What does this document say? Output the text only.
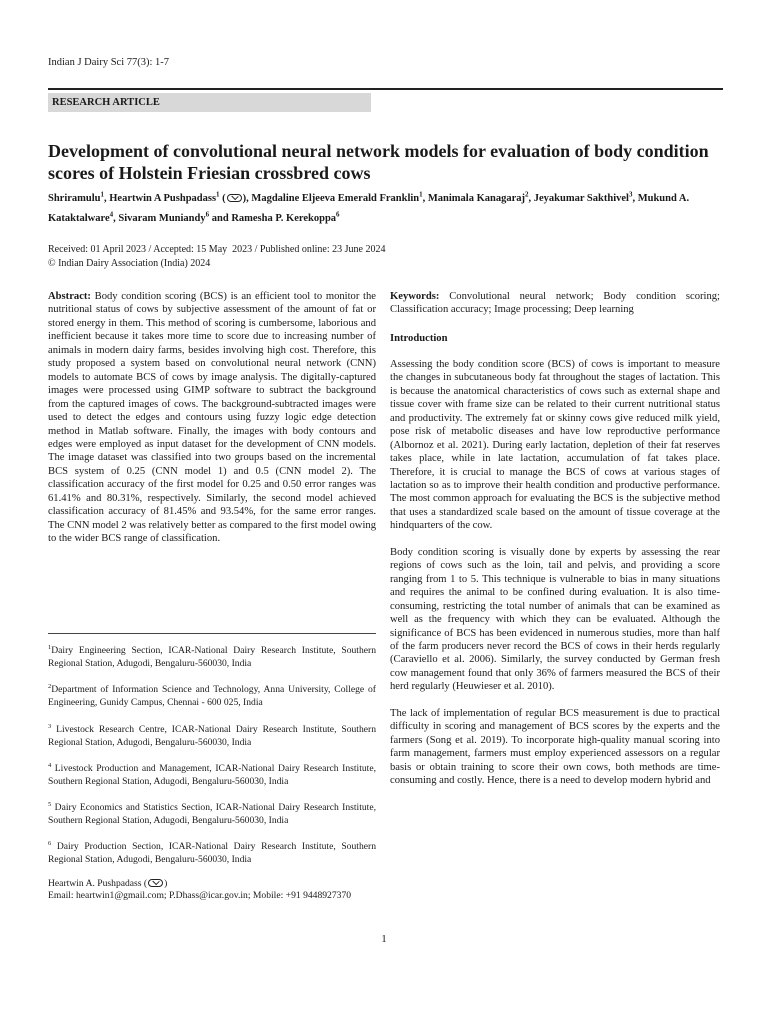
Indian J Dairy Sci 77(3): 1-7
RESEARCH ARTICLE
Development of convolutional neural network models for evaluation of body condition scores of Holstein Friesian crossbred cows
Shriramulu$^1$, Heartwin A Pushpadass$^1$ ( ), Magdaline Eljeeva Emerald Franklin$^1$, Manimala Kanagaraj$^2$, Jeyakumar Sakthivel$^3$, Mukund A. Kataktalware$^4$, Sivaram Muniandy$^6$ and Ramesha P. Kerekoppa$^6$
Received: 01 April 2023 / Accepted: 15 May  2023 / Published online: 23 June 2024
© Indian Dairy Association (India) 2024

Abstract: Body condition scoring (BCS) is an efficient tool to monitor the nutritional status of cows by subjective assessment of the amount of fat or stored energy in them. This method of scoring is cumbersome, laborious and inefficient because it takes more time to score due to increasing number of animals in modern dairy farms, besides involving high cost. Therefore, this study proposed a system based on convolutional neural network (CNN) models to automate BCS of cows by image analysis. The digitally-captured images were processed using GIMP software to subtract the background from the captured images of cows. The background-subtracted images were used to detect the edges and contours using fuzzy logic edge detection method in Matlab software. Finally, the images with body contours and edges were employed as input dataset for the development of CNN models. The image dataset was classified into two groups based on the incremental BCS system of 0.25 (CNN model 1) and 0.5 (CNN model 2). The classification accuracy of the first model for 0.25 and 0.50 error ranges was 61.41% and 80.31%, respectively. Similarly, the second model achieved classification accuracy of 81.45% and 93.54%, for the same error ranges. The CNN model 2 was relatively better as compared to the first model owing to the wider BCS range of classification.

$^1$Dairy Engineering Section, ICAR-National Dairy Research Institute, Southern Regional Station, Adugodi, Bengaluru-560030, India

$^2$Department of Information Science and Technology, Anna University, College of Engineering, Gunidy Campus, Chennai - 600 025, India

$^3$ Livestock Research Centre, ICAR-National Dairy Research Institute, Southern Regional Station, Adugodi, Bengaluru-560030, India

$^4$ Livestock Production and Management, ICAR-National Dairy Research Institute, Southern Regional Station, Adugodi, Bengaluru-560030, India

$^5$ Dairy Economics and Statistics Section, ICAR-National Dairy Research Institute, Southern Regional Station, Adugodi, Bengaluru-560030, India

$^6$ Dairy Production Section, ICAR-National Dairy Research Institute, Southern Regional Station, Adugodi, Bengaluru-560030, India

Heartwin A. Pushpadass ( )

Email: heartwin1@gmail.com; P.Dhass@icar.gov.in; Mobile: +91 9448927370

Keywords: Convolutional neural network; Body condition scoring; Classification accuracy; Image processing; Deep learning

Introduction

Assessing the body condition score (BCS) of cows is important to measure the changes in subcutaneous body fat throughout the stages of lactation. This is because the anatomical characteristics of cows such as external shape and tissue cover with frame size can be related to their current nutritional status and productivity. The extremely fat or skinny cows give reduced milk yield, pose risk of metabolic diseases and have low reproductive performance (Albornoz et al. 2021). During early lactation, depletion of their fat reserves takes place, while in late lactation, accumulation of fat takes place. Therefore, it is crucial to manage the BCS of cows at various stages of lactation so as to improve their health condition and productive performance. The most common approach for evaluating the BCS is the subjective method that uses a standardized scale based on the amount of tissue coverage at the hindquarters of the cow.

Body condition scoring is visually done by experts by assessing the rear regions of cows such as the loin, tail and pelvis, and providing a score ranging from 1 to 5. This technique is vulnerable to bias in many situations and requires the animal to be confined during evaluation. It is also time-consuming, restricting the total number of animals that can be examined as well as the frequency with which they can be evaluated. Although the significance of BCS has been evidenced in numerous studies, more than half of the farm producers never record the BCS of cows in their herds regularly (Caraviello et al. 2006). Similarly, the survey conducted by German fresh cow management found that only 36% of farmers measured the BCS of their herd regularly (Heuwieser et al. 2010).

The lack of implementation of regular BCS measurement is due to practical difficulty in scoring and management of BCS scores by the experts and the farmers (Song et al. 2019). To incorporate high-quality manual scoring into farm management, farmers must employ experienced assessors on a regular basis or obtain training to score their own cows, both methods are time-consuming and costly. Hence, there is a need to develop modern hybrid and

1
